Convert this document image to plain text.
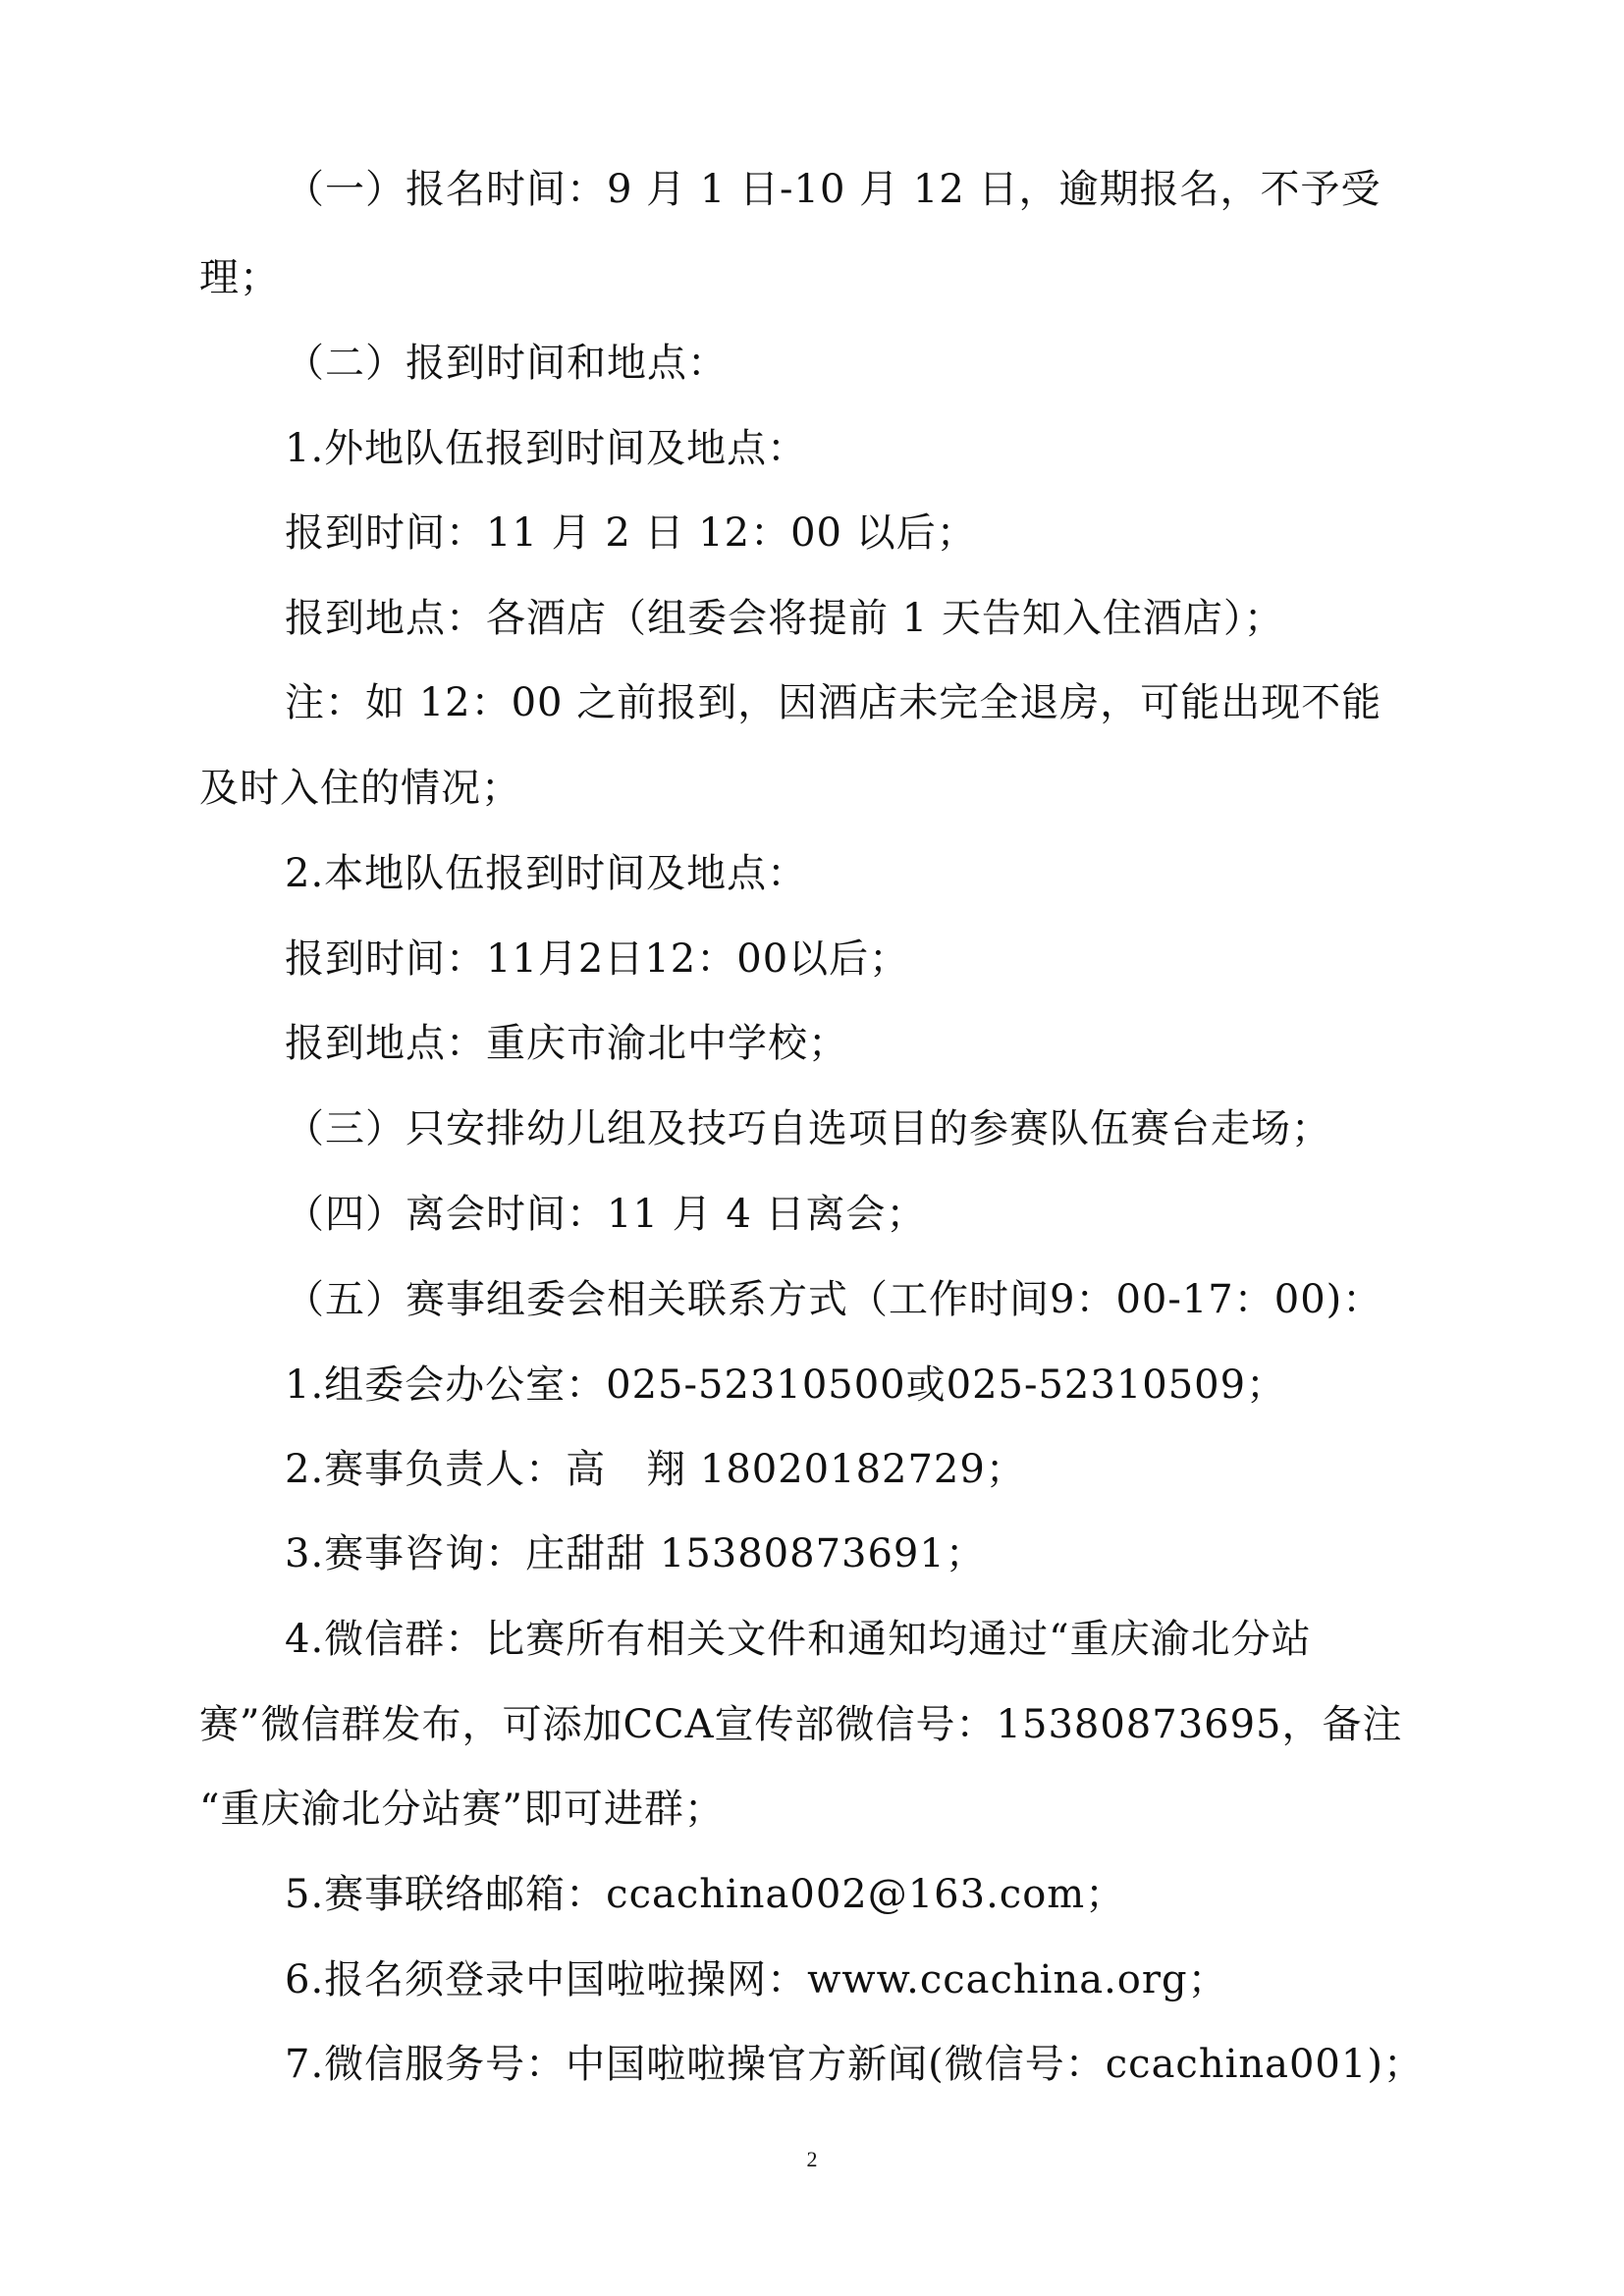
（一）报名时间：9 月 1 日-10 月 12 日，逾期报名，不予受
理；
（二）报到时间和地点：
1.外地队伍报到时间及地点：
报到时间：11 月 2 日 12：00 以后；
报到地点：各酒店（组委会将提前 1 天告知入住酒店）；
注：如 12：00 之前报到，因酒店未完全退房，可能出现不能
及时入住的情况；
2.本地队伍报到时间及地点：
报到时间：11月2日12：00以后；
报到地点：重庆市渝北中学校；
（三）只安排幼儿组及技巧自选项目的参赛队伍赛台走场；
（四）离会时间：11 月 4 日离会；
（五）赛事组委会相关联系方式（工作时间9：00-17：00)：
1.组委会办公室：025-52310500或025-52310509；
2.赛事负责人：高　翔 18020182729；
3.赛事咨询：庄甜甜 15380873691；
4.微信群：比赛所有相关文件和通知均通过“重庆渝北分站
赛”微信群发布，可添加CCA宣传部微信号：15380873695，备注
“重庆渝北分站赛”即可进群；
5.赛事联络邮箱：ccachina002@163.com；
6.报名须登录中国啦啦操网：www.ccachina.org；
7.微信服务号：中国啦啦操官方新闻(微信号：ccachina001)；
2
